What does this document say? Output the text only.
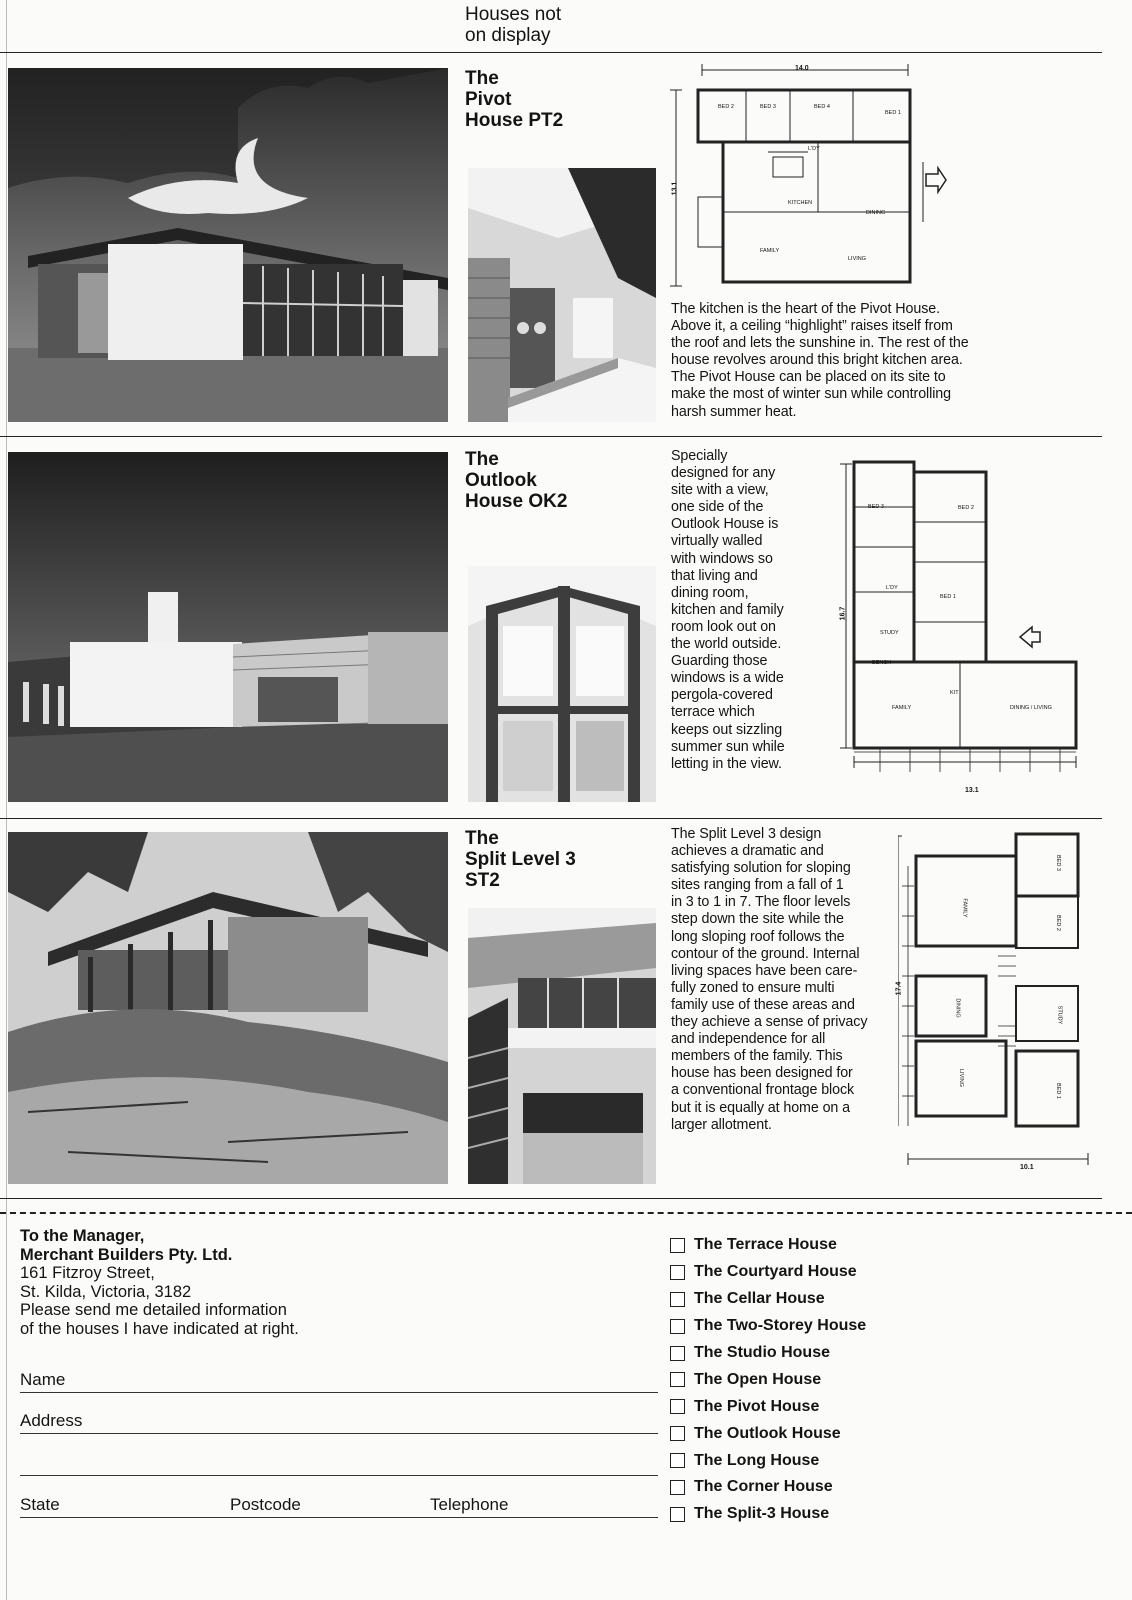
Houses not
on display
The
Pivot
House PT2
14.0
13.1
BED 2	BED 3	BED 4
BED 1
L'DY
KITCHEN
DINING
FAMILY
LIVING
The kitchen is the heart of the Pivot House.
Above it, a ceiling “highlight” raises itself from
the roof and lets the sunshine in. The rest of the
house revolves around this bright kitchen area.
The Pivot House can be placed on its site to
make the most of winter sun while controlling
harsh summer heat.
The
Outlook
House OK2
Specially
designed for any
site with a view,
one side of the
Outlook House is
virtually walled
with windows so
that living and
dining room,
kitchen and family
room look out on
the world outside.
Guarding those
windows is a wide
pergola-covered
terrace which
keeps out sizzling
summer sun while
letting in the view.
13.1
16.7
BED 3	BED 2
BED 1
L'DY
STUDY
BENCH
KIT
FAMILY	DINING / LIVING
The
Split Level 3
ST2
The Split Level 3 design
achieves a dramatic and
satisfying solution for sloping
sites ranging from a fall of 1
in 3 to 1 in 7. The floor levels
step down the site while the
long sloping roof follows the
contour of the ground. Internal
living spaces have been care-
fully zoned to ensure multi
family use of these areas and
they achieve a sense of privacy
and independence for all
members of the family. This
house has been designed for
a conventional frontage block
but it is equally at home on a
larger allotment.
10.1
17.4
BED 3
FAMILY
BED 2
DINING	STUDY
LIVING
BED 1
To the Manager,
Merchant Builders Pty. Ltd.
161 Fitzroy Street,
St. Kilda, Victoria, 3182
Please send me detailed information
of the houses I have indicated at right.
Name
Address
State	Postcode	Telephone
The Terrace House
The Courtyard House
The Cellar House
The Two-Storey House
The Studio House
The Open House
The Pivot House
The Outlook House
The Long House
The Corner House
The Split-3 House
